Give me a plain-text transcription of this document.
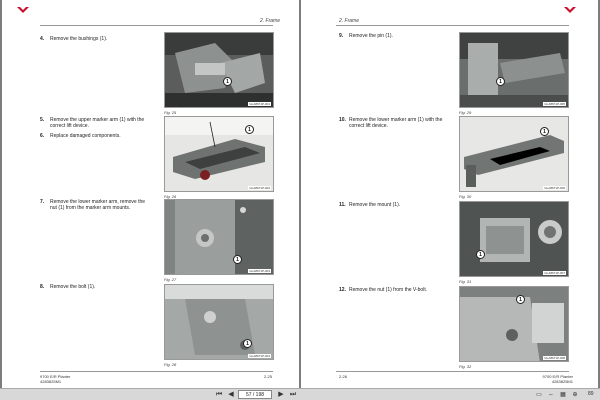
2. Frame
4. Remove the bushings (1).
5. Remove the upper marker arm (1) with the correct lift device.
6. Replace damaged components.
7. Remove the lower marker arm, remove the nut (1) from the marker arm mounts.
8. Remove the bolt (1).
1
GLA8671P-001
Fig. 25
1
GLA8671P-002
Fig. 26
1
GLA8671P-003
Fig. 27
1
GLA8671P-004
Fig. 28
9700 E/R Planter
4283825M1
2-25
2. Frame
9. Remove the pin (1).
10. Remove the lower marker arm (1) with the correct lift device.
11. Remove the mount (1).
12. Remove the nut (1) from the V-bolt.
1
GLA8671P-005
Fig. 29
1
GLA8671P-006
Fig. 30
1
GLA8671P-007
Fig. 31
1
GLA8671P-008
Fig. 32
2-26	9700 E/R Planter
4283825M1
⏮ ◀
57 / 198	▶ ⏭	▭	⇔	▦	⊕	89
